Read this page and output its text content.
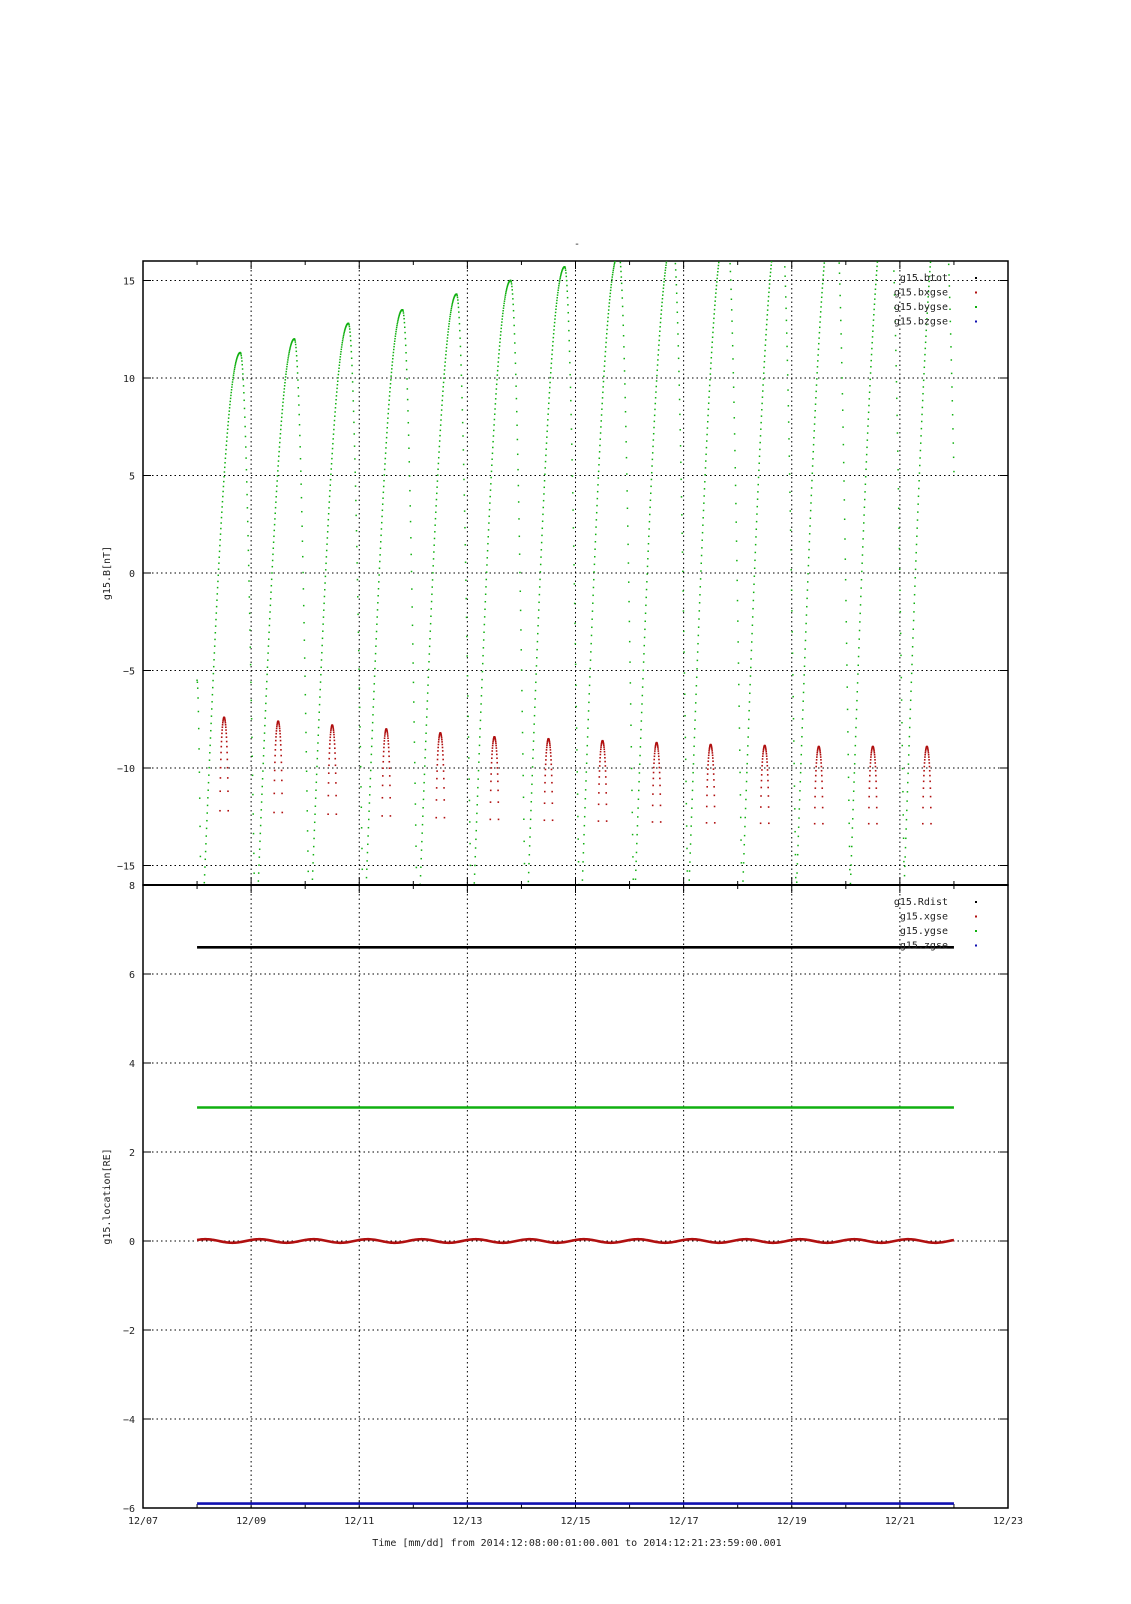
-
−15
−10
−5
0
5
10
15
g15.B[nT]
g15.btot
g15.bxgse
g15.bygse
g15.bzgse
−6
−4
−2
0
2
4
6
8
g15.location[RE]
g15.Rdist
g15.xgse
g15.ygse
g15.zgse
12/07	12/09	12/11	12/13	12/15	12/17	12/19	12/21	12/23
Time [mm/dd] from 2014:12:08:00:01:00.001 to 2014:12:21:23:59:00.001
